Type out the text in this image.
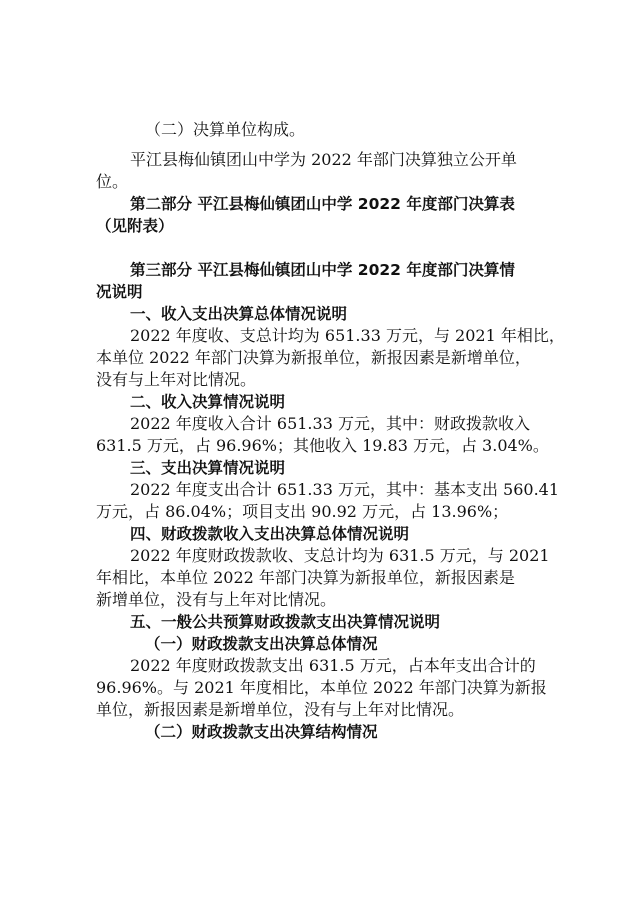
（二）决算单位构成。
平江县梅仙镇团山中学为 2022 年部门决算独立公开单
位。
第二部分 平江县梅仙镇团山中学 2022 年度部门决算表
（见附表）
第三部分 平江县梅仙镇团山中学 2022 年度部门决算情
况说明
一、收入支出决算总体情况说明
2022 年度收、支总计均为 651.33 万元，与 2021 年相比，
本单位 2022 年部门决算为新报单位，新报因素是新增单位，
没有与上年对比情况。
二、收入决算情况说明
2022 年度收入合计 651.33 万元，其中：财政拨款收入
631.5 万元，占 96.96%；其他收入 19.83 万元，占 3.04%。
三、支出决算情况说明
2022 年度支出合计 651.33 万元，其中：基本支出 560.41
万元，占 86.04%；项目支出 90.92 万元，占 13.96%；
四、财政拨款收入支出决算总体情况说明
2022 年度财政拨款收、支总计均为 631.5 万元，与 2021
年相比，本单位 2022 年部门决算为新报单位，新报因素是
新增单位，没有与上年对比情况。
五、一般公共预算财政拨款支出决算情况说明
（一）财政拨款支出决算总体情况
2022 年度财政拨款支出 631.5 万元，占本年支出合计的
96.96%。与 2021 年度相比，本单位 2022 年部门决算为新报
单位，新报因素是新增单位，没有与上年对比情况。
（二）财政拨款支出决算结构情况
